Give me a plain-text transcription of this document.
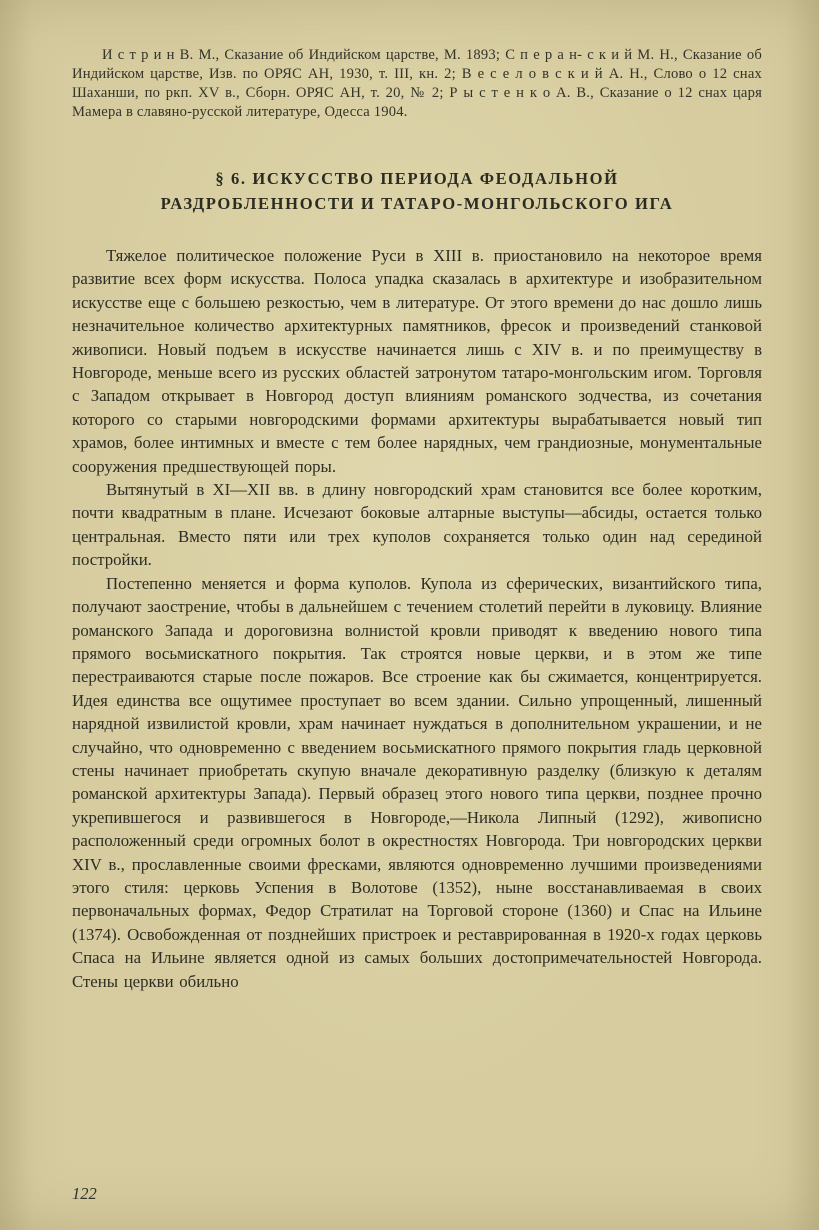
И с т р и н В. М., Сказание об Индийском царстве, М. 1893; С п е р а н- с к и й М. Н., Сказание об Индийском царстве, Изв. по ОРЯС АН, 1930, т. III, кн. 2; В е с е л о в с к и й А. Н., Слово о 12 снах Шаханши, по ркп. XV в., Сборн. ОРЯС АН, т. 20, № 2; Р ы с т е н к о А. В., Сказание о 12 снах царя Мамера в славяно-русской литературе, Одесса 1904.

§ 6. ИСКУССТВО ПЕРИОДА ФЕОДАЛЬНОЙ
РАЗДРОБЛЕННОСТИ И ТАТАРО-МОНГОЛЬСКОГО ИГА

Тяжелое политическое положение Руси в XIII в. приостановило на некоторое время развитие всех форм искусства. Полоса упадка сказалась в архитектуре и изобразительном искусстве еще с большею резкостью, чем в литературе. От этого времени до нас дошло лишь незначительное количество архитектурных памятников, фресок и произведений станковой живописи. Новый подъем в искусстве начинается лишь с XIV в. и по преимуществу в Новгороде, меньше всего из русских областей затронутом татаро-монгольским игом. Торговля с Западом открывает в Новгород доступ влияниям романского зодчества, из сочетания которого со старыми новгородскими формами архитектуры вырабатывается новый тип храмов, более интимных и вместе с тем более нарядных, чем грандиозные, монументальные сооружения предшествующей поры.

Вытянутый в XI—XII вв. в длину новгородский храм становится все более коротким, почти квадратным в плане. Исчезают боковые алтарные выступы—абсиды, остается только центральная. Вместо пяти или трех куполов сохраняется только один над серединой постройки.

Постепенно меняется и форма куполов. Купола из сферических, византийского типа, получают заострение, чтобы в дальнейшем с течением столетий перейти в луковицу. Влияние романского Запада и дороговизна волнистой кровли приводят к введению нового типа прямого восьмискатного покрытия. Так строятся новые церкви, и в этом же типе перестраиваются старые после пожаров. Все строение как бы сжимается, концентрируется. Идея единства все ощутимее проступает во всем здании. Сильно упрощенный, лишенный нарядной извилистой кровли, храм начинает нуждаться в дополнительном украшении, и не случайно, что одновременно с введением восьмискатного прямого покрытия гладь церковной стены начинает приобретать скупую вначале декоративную разделку (близкую к деталям романской архитектуры Запада). Первый образец этого нового типа церкви, позднее прочно укрепившегося и развившегося в Новгороде,—Никола Липный (1292), живописно расположенный среди огромных болот в окрестностях Новгорода. Три новгородских церкви XIV в., прославленные своими фресками, являются одновременно лучшими произведениями этого стиля: церковь Успения в Волотове (1352), ныне восстанавливаемая в своих первоначальных формах, Федор Стратилат на Торговой стороне (1360) и Спас на Ильине (1374). Освобожденная от позднейших пристроек и реставрированная в 1920-х годах церковь Спаса на Ильине является одной из самых больших достопримечательностей Новгорода. Стены церкви обильно

122
